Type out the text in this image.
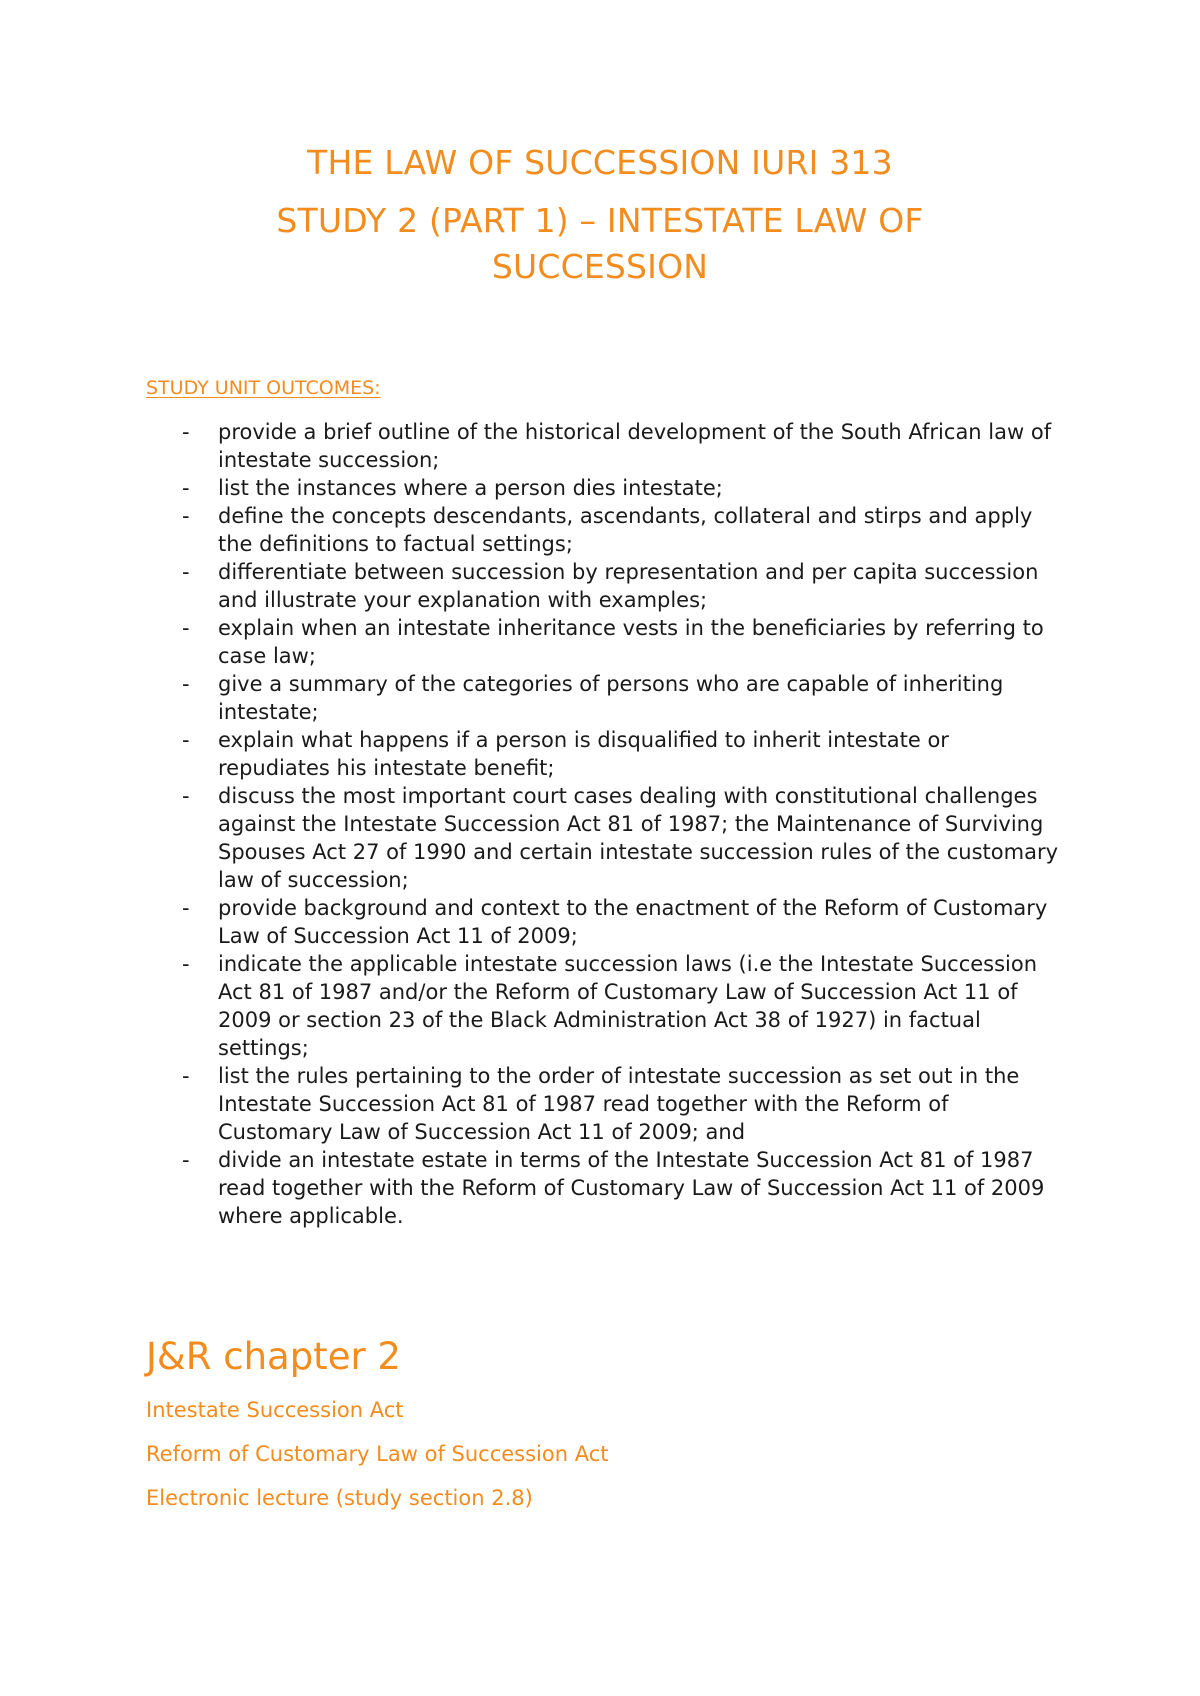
THE LAW OF SUCCESSION IURI 313
STUDY 2 (PART 1) – INTESTATE LAW OF
SUCCESSION
STUDY UNIT OUTCOMES:
- provide a brief outline of the historical development of the South African law of intestate succession;
- list the instances where a person dies intestate;
- define the concepts descendants, ascendants, collateral and stirps and apply the definitions to factual settings;
- differentiate between succession by representation and per capita succession and illustrate your explanation with examples;
- explain when an intestate inheritance vests in the beneficiaries by referring to case law;
- give a summary of the categories of persons who are capable of inheriting intestate;
- explain what happens if a person is disqualified to inherit intestate or repudiates his intestate benefit;
- discuss the most important court cases dealing with constitutional challenges against the Intestate Succession Act 81 of 1987; the Maintenance of Surviving Spouses Act 27 of 1990 and certain intestate succession rules of the customary law of succession;
- provide background and context to the enactment of the Reform of Customary Law of Succession Act 11 of 2009;
- indicate the applicable intestate succession laws (i.e the Intestate Succession Act 81 of 1987 and/or the Reform of Customary Law of Succession Act 11 of 2009 or section 23 of the Black Administration Act 38 of 1927) in factual settings;
- list the rules pertaining to the order of intestate succession as set out in the Intestate Succession Act 81 of 1987 read together with the Reform of Customary Law of Succession Act 11 of 2009; and
- divide an intestate estate in terms of the Intestate Succession Act 81 of 1987 read together with the Reform of Customary Law of Succession Act 11 of 2009 where applicable.
J&R chapter 2
Intestate Succession Act
Reform of Customary Law of Succession Act
Electronic lecture (study section 2.8)
